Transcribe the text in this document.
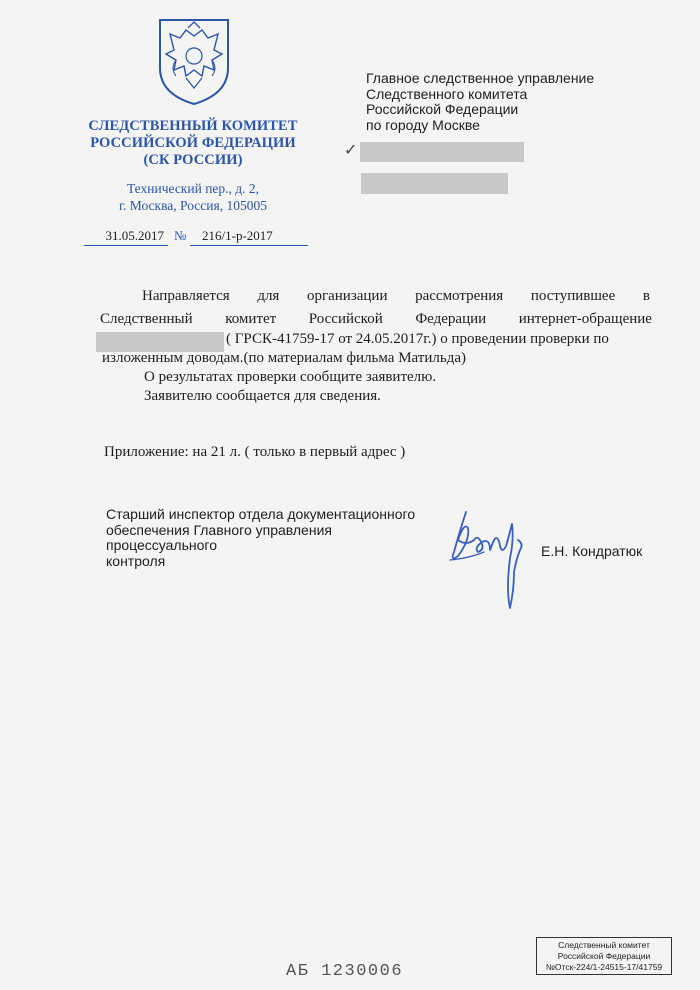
СЛЕДСТВЕННЫЙ КОМИТЕТ
РОССИЙСКОЙ ФЕДЕРАЦИИ
(СК РОССИИ)
Технический пер., д. 2,
г. Москва, Россия, 105005
31.05.2017 №	216/1-р-2017
Главное следственное управление
Следственного комитета
Российской Федерации
по городу Москве
✓
Направляется для организации рассмотрения поступившее в
Следственный комитет Российской Федерации интернет-обращение
( ГРСК-41759-17 от 24.05.2017г.) о проведении проверки по
изложенным доводам.(по материалам фильма Матильда)
О результатах проверки сообщите заявителю.
Заявителю сообщается для сведения.
Приложение: на 21 л. ( только в первый адрес )
Старший инспектор отдела документационного
обеспечения Главного управления
процессуального
контроля
Е.Н. Кондратюк
АБ 1230006
Следственный комитет
Российской Федерации
№Отск-224/1-24515-17/41759
